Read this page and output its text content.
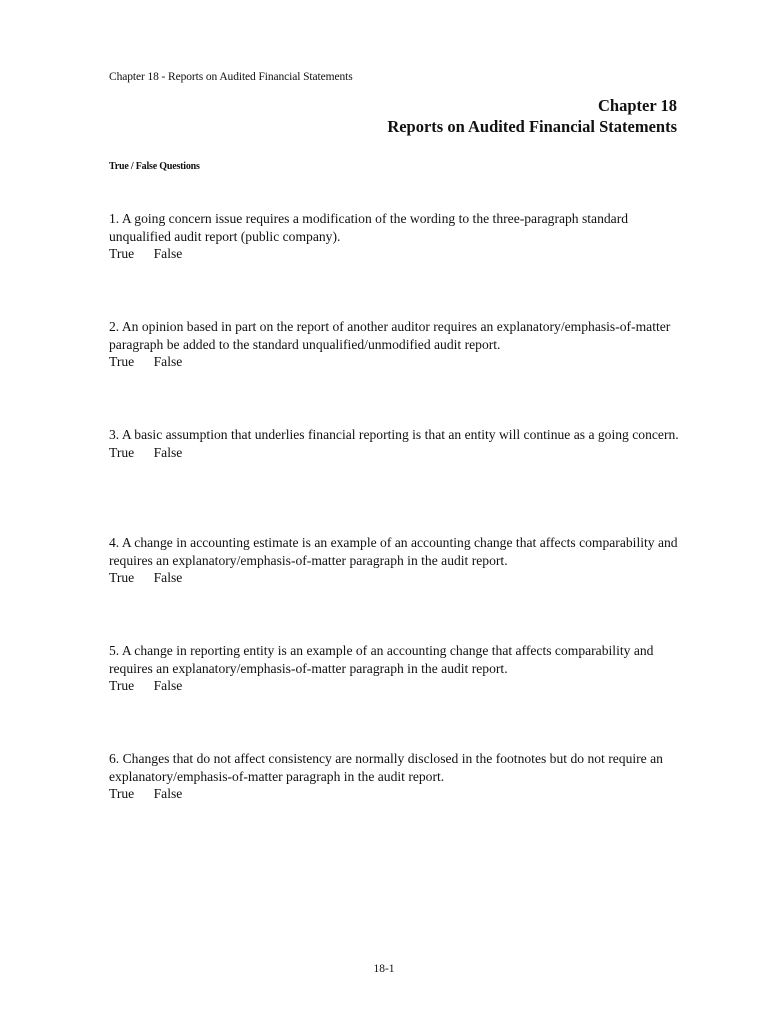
Chapter 18 - Reports on Audited Financial Statements
Chapter 18
Reports on Audited Financial Statements
True / False Questions
1. A going concern issue requires a modification of the wording to the three-paragraph standard unqualified audit report (public company).
True False
2. An opinion based in part on the report of another auditor requires an explanatory/emphasis-of-matter paragraph be added to the standard unqualified/unmodified audit report.
True False
3. A basic assumption that underlies financial reporting is that an entity will continue as a going concern.
True False
4. A change in accounting estimate is an example of an accounting change that affects comparability and requires an explanatory/emphasis-of-matter paragraph in the audit report.
True False
5. A change in reporting entity is an example of an accounting change that affects comparability and requires an explanatory/emphasis-of-matter paragraph in the audit report.
True False
6. Changes that do not affect consistency are normally disclosed in the footnotes but do not require an explanatory/emphasis-of-matter paragraph in the audit report.
True False
18-1
